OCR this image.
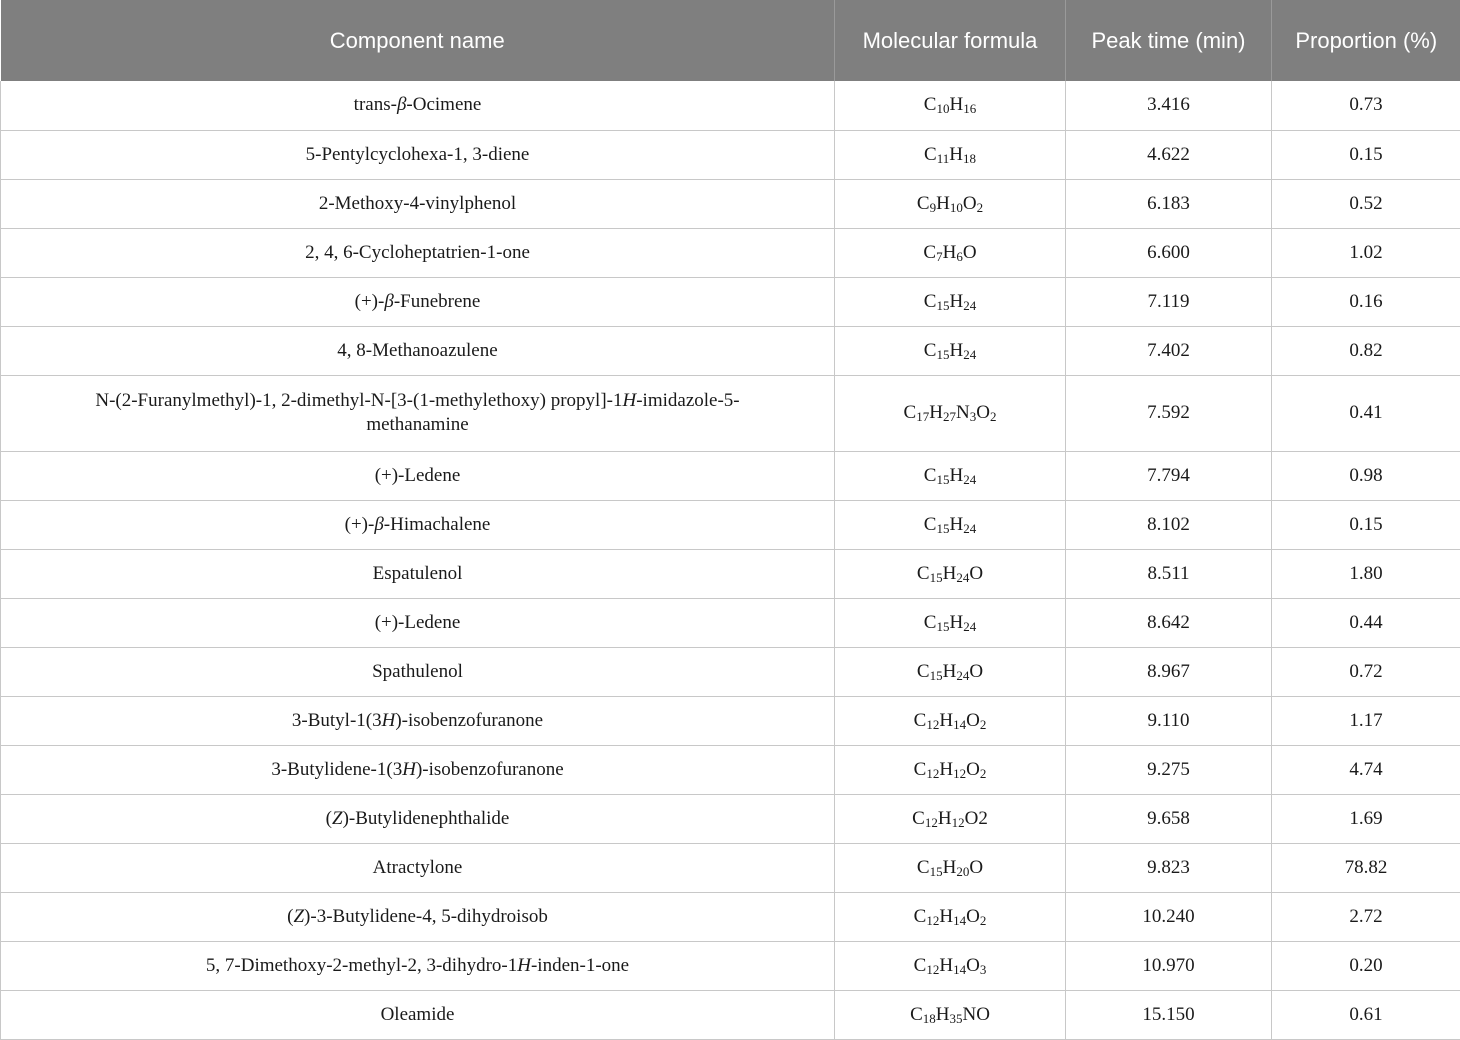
Component name	Molecular formula	Peak time (min)	Proportion (%)
trans-β-Ocimene	$C_{10}H_{16}$	3.416	0.73
5-Pentylcyclohexa-1, 3-diene	$C_{11}H_{18}$	4.622	0.15
2-Methoxy-4-vinylphenol	$C_9H_{10}O_2$	6.183	0.52
2, 4, 6-Cycloheptatrien-1-one	$C_7H_6O$	6.600	1.02
(+)-β-Funebrene	$C_{15}H_{24}$	7.119	0.16
4, 8-Methanoazulene	$C_{15}H_{24}$	7.402	0.82
N-(2-Furanylmethyl)-1, 2-dimethyl-N-[3-(1-methylethoxy) propyl]-1H-imidazole-5-methanamine	$C_{17}H_{27}N_3O_2$	7.592	0.41
(+)-Ledene	$C_{15}H_{24}$	7.794	0.98
(+)-β-Himachalene	$C_{15}H_{24}$	8.102	0.15
Espatulenol	$C_{15}H_{24}O$	8.511	1.80
(+)-Ledene	$C_{15}H_{24}$	8.642	0.44
Spathulenol	$C_{15}H_{24}O$	8.967	0.72
3-Butyl-1(3H)-isobenzofuranone	$C_{12}H_{14}O_2$	9.110	1.17
3-Butylidene-1(3H)-isobenzofuranone	$C_{12}H_{12}O_2$	9.275	4.74
(Z)-Butylidenephthalide	$C_{12}H_{12}O2$	9.658	1.69
Atractylone	$C_{15}H_{20}O$	9.823	78.82
(Z)-3-Butylidene-4, 5-dihydroisob	$C_{12}H_{14}O_2$	10.240	2.72
5, 7-Dimethoxy-2-methyl-2, 3-dihydro-1H-inden-1-one	$C_{12}H_{14}O_3$	10.970	0.20
Oleamide	$C_{18}H_{35}NO$	15.150	0.61
